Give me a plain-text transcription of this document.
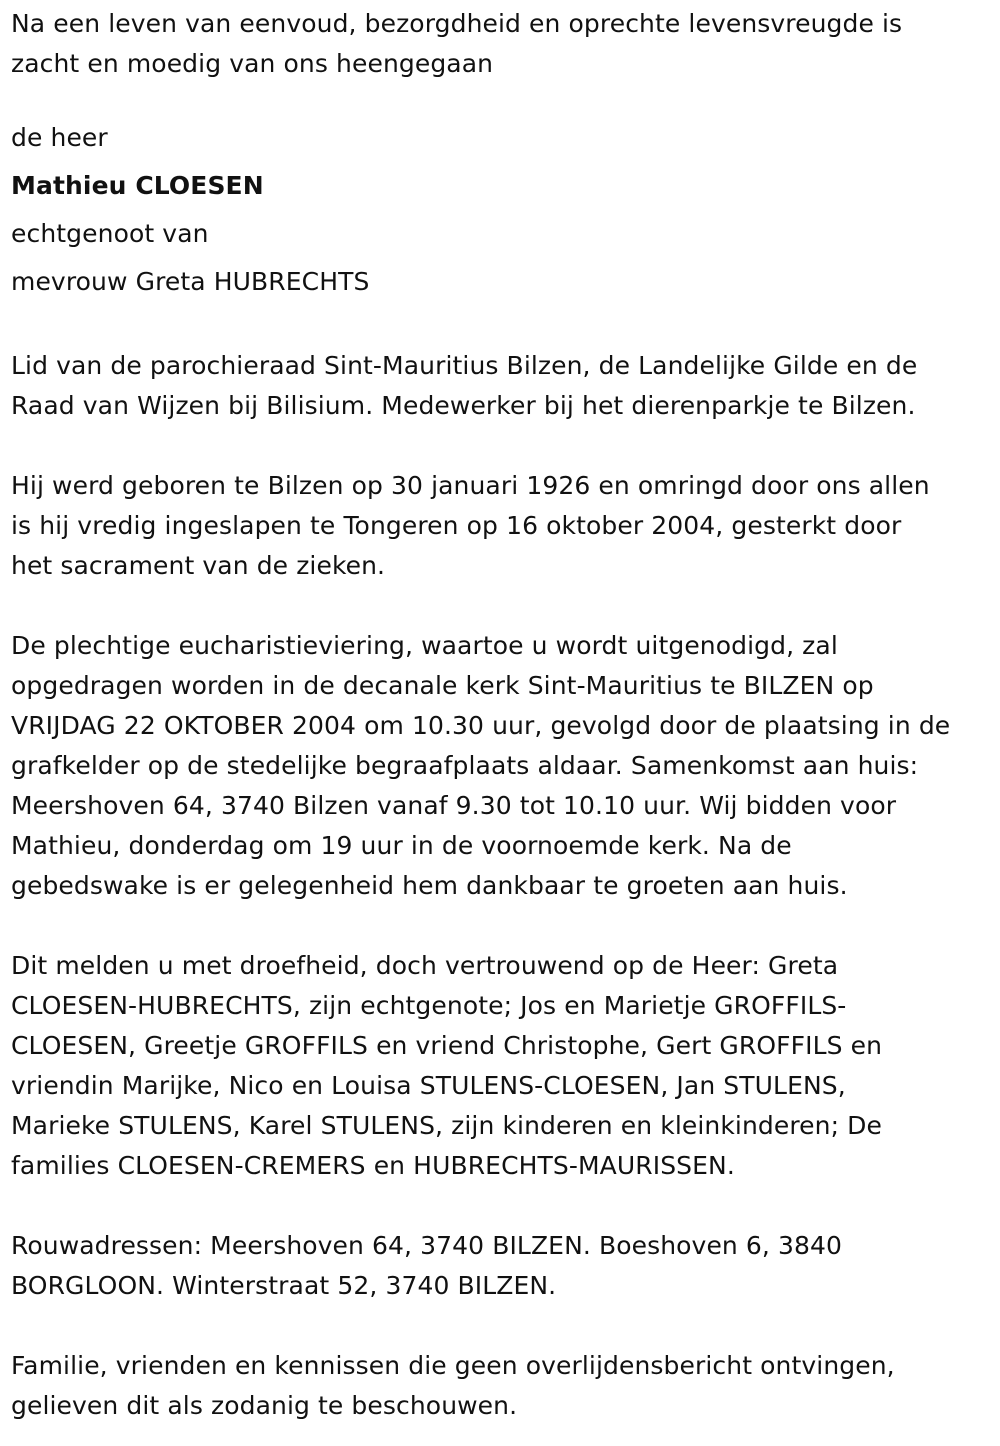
Na een leven van eenvoud, bezorgdheid en oprechte levensvreugde is
zacht en moedig van ons heengegaan

de heer

Mathieu CLOESEN

echtgenoot van

mevrouw Greta HUBRECHTS

Lid van de parochieraad Sint-Mauritius Bilzen, de Landelijke Gilde en de
Raad van Wijzen bij Bilisium. Medewerker bij het dierenparkje te Bilzen.

Hij werd geboren te Bilzen op 30 januari 1926 en omringd door ons allen
is hij vredig ingeslapen te Tongeren op 16 oktober 2004, gesterkt door
het sacrament van de zieken.

De plechtige eucharistieviering, waartoe u wordt uitgenodigd, zal
opgedragen worden in de decanale kerk Sint-Mauritius te BILZEN op
VRIJDAG 22 OKTOBER 2004 om 10.30 uur, gevolgd door de plaatsing in de
grafkelder op de stedelijke begraafplaats aldaar. Samenkomst aan huis:
Meershoven 64, 3740 Bilzen vanaf 9.30 tot 10.10 uur. Wij bidden voor
Mathieu, donderdag om 19 uur in de voornoemde kerk. Na de
gebedswake is er gelegenheid hem dankbaar te groeten aan huis.

Dit melden u met droefheid, doch vertrouwend op de Heer: Greta
CLOESEN-HUBRECHTS, zijn echtgenote; Jos en Marietje GROFFILS-
CLOESEN, Greetje GROFFILS en vriend Christophe, Gert GROFFILS en
vriendin Marijke, Nico en Louisa STULENS-CLOESEN, Jan STULENS,
Marieke STULENS, Karel STULENS, zijn kinderen en kleinkinderen; De
families CLOESEN-CREMERS en HUBRECHTS-MAURISSEN.

Rouwadressen: Meershoven 64, 3740 BILZEN. Boeshoven 6, 3840
BORGLOON. Winterstraat 52, 3740 BILZEN.

Familie, vrienden en kennissen die geen overlijdensbericht ontvingen,
gelieven dit als zodanig te beschouwen.
